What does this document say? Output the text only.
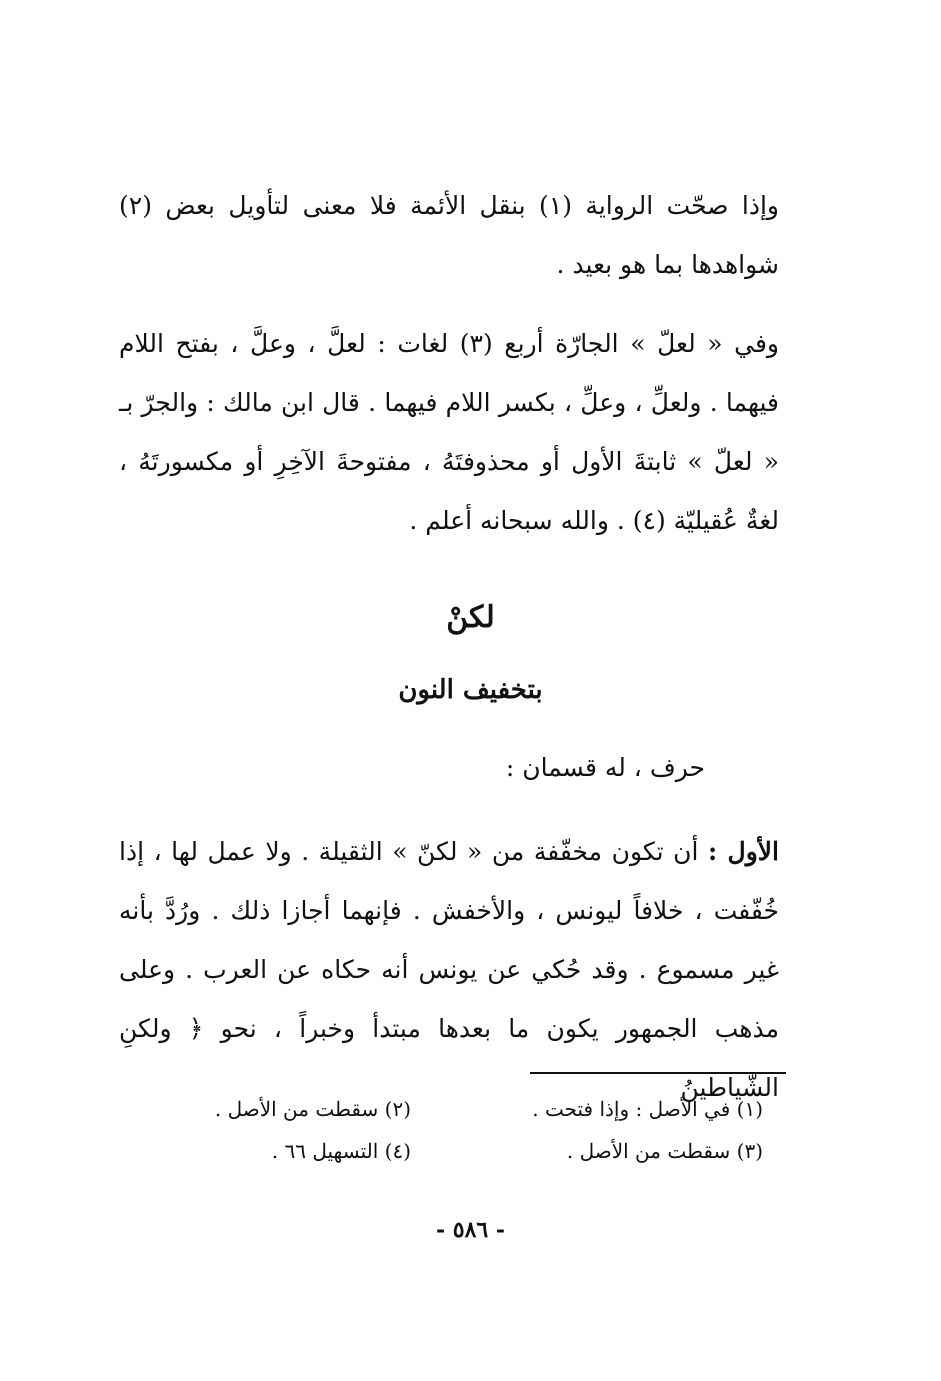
وإذا صحّت الرواية (١) بنقل الأئمة فلا معنى لتأويل بعض (٢) شواهدها بما هو بعيد .

وفي « لعلّ » الجارّة أربع (٣) لغات : لعلَّ ، وعلَّ ، بفتح اللام فيهما . ولعلِّ ، وعلِّ ، بكسر اللام فيهما . قال ابن مالك : والجرّ بـ « لعلّ » ثابتةَ الأول أو محذوفتَهُ ، مفتوحةَ الآخِرِ أو مكسورتَهُ ، لغةٌ عُقيليّة (٤) . والله سبحانه أعلم .

لكنْ
بتخفيف النون

حرف ، له قسمان :

الأول : أن تكون مخفّفة من « لكنّ » الثقيلة . ولا عمل لها ، إذا خُفّفت ، خلافاً ليونس ، والأخفش . فإنهما أجازا ذلك . ورُدَّ بأنه غير مسموع . وقد حُكي عن يونس أنه حكاه عن العرب . وعلى مذهب الجمهور يكون ما بعدها مبتدأ وخبراً ، نحو ﴿ ولكنِ الشّياطينُ

(١) في الأصل : وإذا فتحت .

(٢) سقطت من الأصل .

(٣) سقطت من الأصل .

(٤) التسهيل ٦٦ .

- ٥٨٦ -
